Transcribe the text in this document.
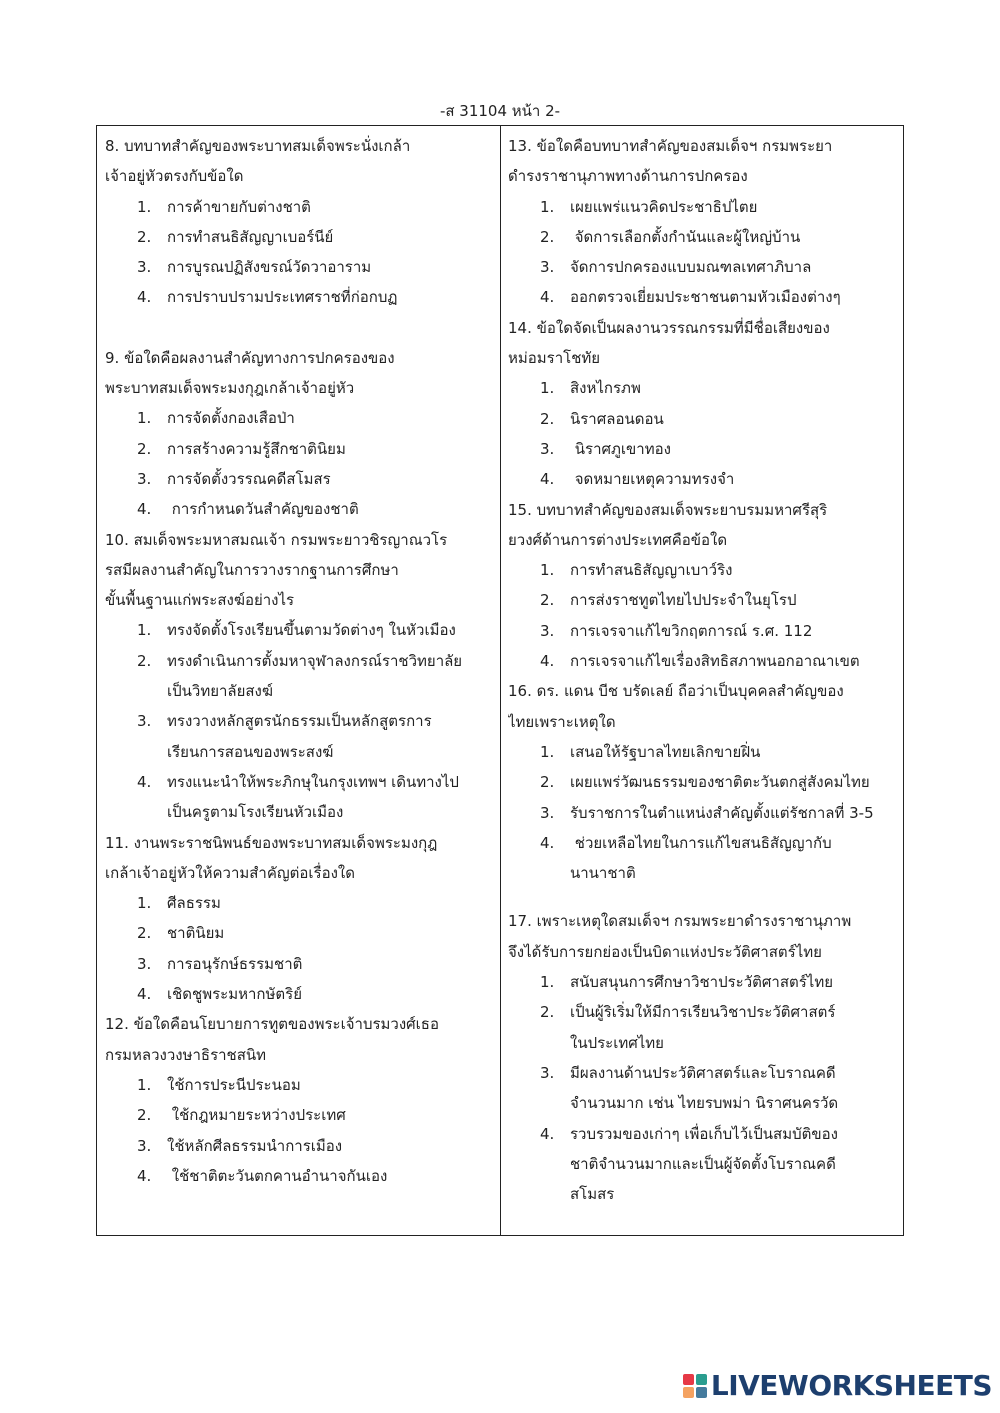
-ส 31104 หน้า 2-
8. บทบาทสำคัญของพระบาทสมเด็จพระนั่งเกล้า
เจ้าอยู่หัวตรงกับข้อใด
1. การค้าขายกับต่างชาติ
2. การทำสนธิสัญญาเบอร์นีย์
3. การบูรณปฏิสังขรณ์วัดวาอาราม
4. การปราบปรามประเทศราชที่ก่อกบฏ
9. ข้อใดคือผลงานสำคัญทางการปกครองของ
พระบาทสมเด็จพระมงกุฎเกล้าเจ้าอยู่หัว
1. การจัดตั้งกองเสือป่า
2. การสร้างความรู้สึกชาตินิยม
3. การจัดตั้งวรรณคดีสโมสร
4. การกำหนดวันสำคัญของชาติ
10. สมเด็จพระมหาสมณเจ้า กรมพระยาวชิรญาณวโร
รสมีผลงานสำคัญในการวางรากฐานการศึกษา
ขั้นพื้นฐานแก่พระสงฆ์อย่างไร
1. ทรงจัดตั้งโรงเรียนขึ้นตามวัดต่างๆ ในหัวเมือง
2. ทรงดำเนินการตั้งมหาจุฬาลงกรณ์ราชวิทยาลัย
เป็นวิทยาลัยสงฆ์
3. ทรงวางหลักสูตรนักธรรมเป็นหลักสูตรการ
เรียนการสอนของพระสงฆ์
4. ทรงแนะนำให้พระภิกษุในกรุงเทพฯ เดินทางไป
เป็นครูตามโรงเรียนหัวเมือง
11. งานพระราชนิพนธ์ของพระบาทสมเด็จพระมงกุฎ
เกล้าเจ้าอยู่หัวให้ความสำคัญต่อเรื่องใด
1. ศีลธรรม
2. ชาตินิยม
3. การอนุรักษ์ธรรมชาติ
4. เชิดชูพระมหากษัตริย์
12. ข้อใดคือนโยบายการทูตของพระเจ้าบรมวงศ์เธอ
กรมหลวงวงษาธิราชสนิท
1. ใช้การประนีประนอม
2. ใช้กฎหมายระหว่างประเทศ
3. ใช้หลักศีลธรรมนำการเมือง
4. ใช้ชาติตะวันตกคานอำนาจกันเอง
13. ข้อใดคือบทบาทสำคัญของสมเด็จฯ กรมพระยา
ดำรงราชานุภาพทางด้านการปกครอง
1. เผยแพร่แนวคิดประชาธิปไตย
2. จัดการเลือกตั้งกำนันและผู้ใหญ่บ้าน
3. จัดการปกครองแบบมณฑลเทศาภิบาล
4. ออกตรวจเยี่ยมประชาชนตามหัวเมืองต่างๆ
14. ข้อใดจัดเป็นผลงานวรรณกรรมที่มีชื่อเสียงของ
หม่อมราโชทัย
1. สิงหไกรภพ
2. นิราศลอนดอน
3. นิราศภูเขาทอง
4. จดหมายเหตุความทรงจำ
15. บทบาทสำคัญของสมเด็จพระยาบรมมหาศรีสุริ
ยวงศ์ด้านการต่างประเทศคือข้อใด
1. การทำสนธิสัญญาเบาว์ริง
2. การส่งราชทูตไทยไปประจำในยุโรป
3. การเจรจาแก้ไขวิกฤตการณ์ ร.ศ. 112
4. การเจรจาแก้ไขเรื่องสิทธิสภาพนอกอาณาเขต
16. ดร. แดน บีช บรัดเลย์ ถือว่าเป็นบุคคลสำคัญของ
ไทยเพราะเหตุใด
1. เสนอให้รัฐบาลไทยเลิกขายฝิ่น
2. เผยแพร่วัฒนธรรมของชาติตะวันตกสู่สังคมไทย
3. รับราชการในตำแหน่งสำคัญตั้งแต่รัชกาลที่ 3-5
4. ช่วยเหลือไทยในการแก้ไขสนธิสัญญากับ
นานาชาติ
17. เพราะเหตุใดสมเด็จฯ กรมพระยาดำรงราชานุภาพ
จึงได้รับการยกย่องเป็นบิดาแห่งประวัติศาสตร์ไทย
1. สนับสนุนการศึกษาวิชาประวัติศาสตร์ไทย
2. เป็นผู้ริเริ่มให้มีการเรียนวิชาประวัติศาสตร์
ในประเทศไทย
3. มีผลงานด้านประวัติศาสตร์และโบราณคดี
จำนวนมาก เช่น ไทยรบพม่า นิราศนครวัด
4. รวบรวมของเก่าๆ เพื่อเก็บไว้เป็นสมบัติของ
ชาติจำนวนมากและเป็นผู้จัดตั้งโบราณคดี
สโมสร
LIVEWORKSHEETS
